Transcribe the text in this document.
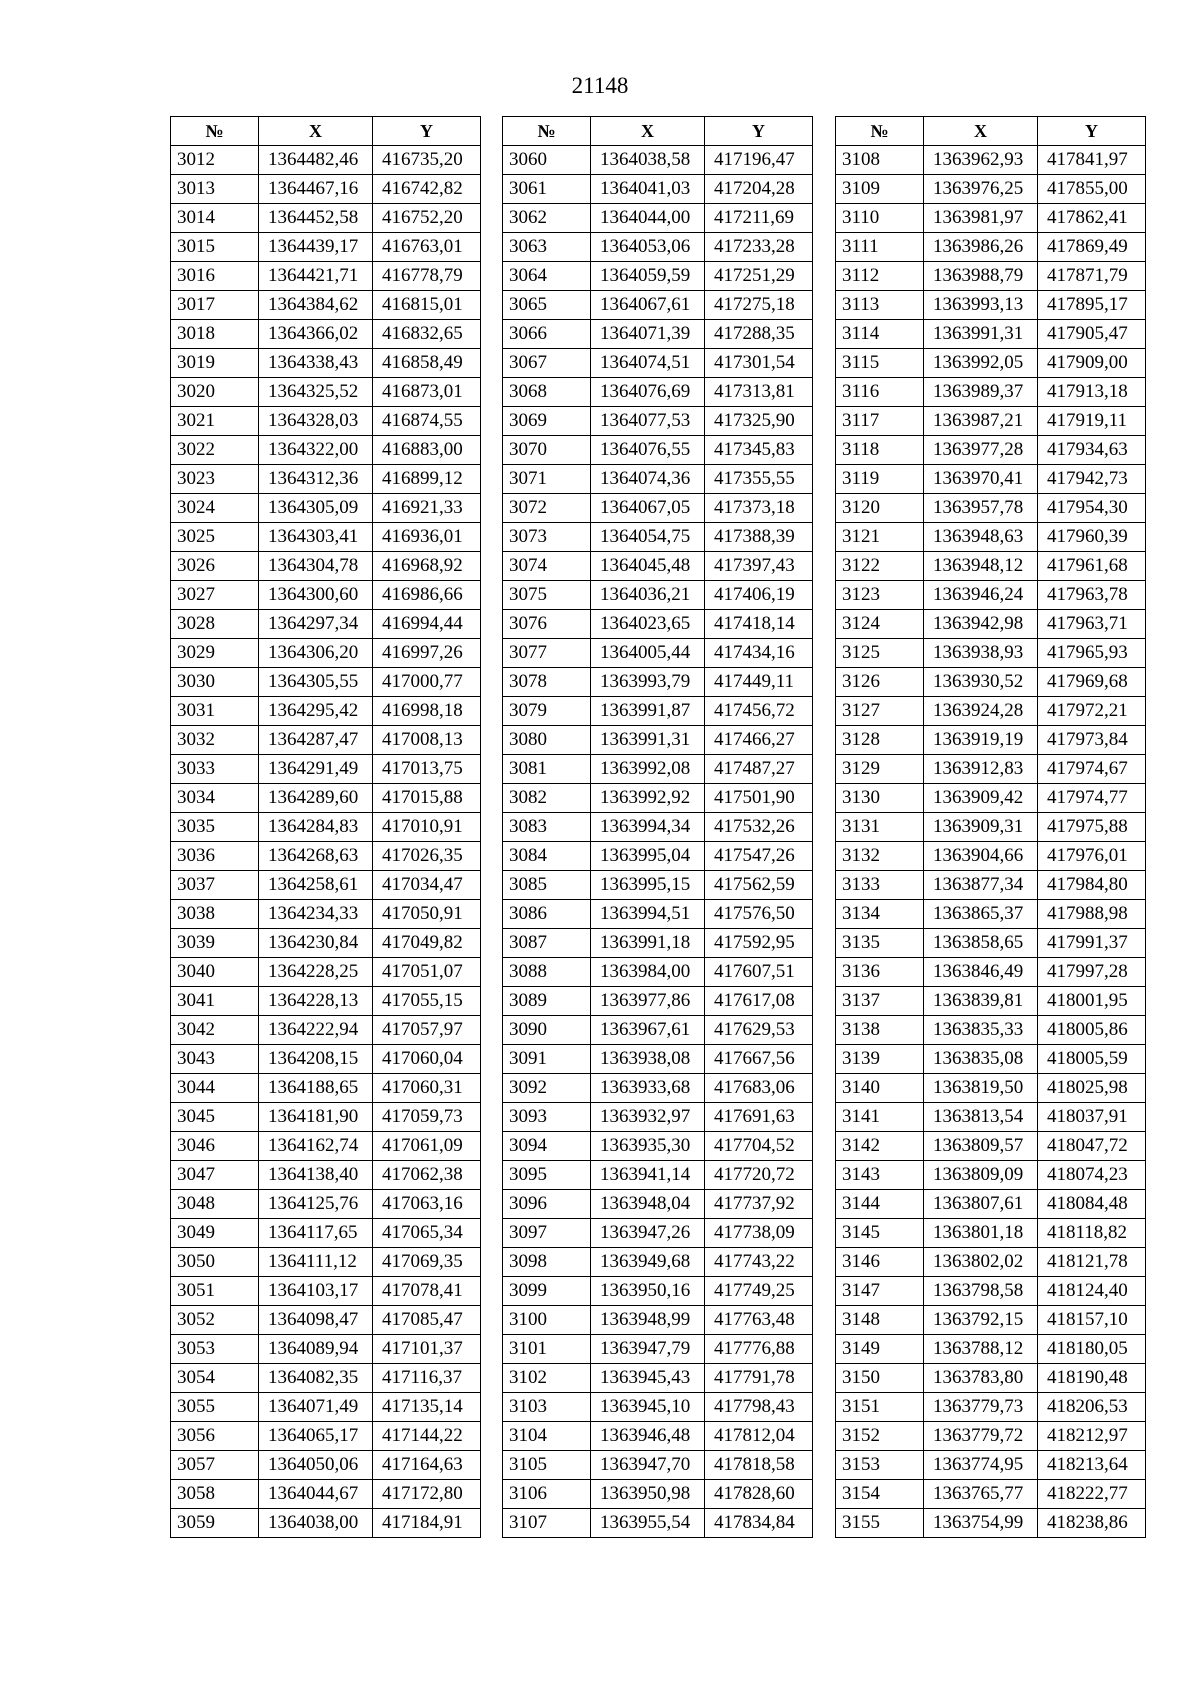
21148
№	X	Y
3012	1364482,46	416735,20
3013	1364467,16	416742,82
3014	1364452,58	416752,20
3015	1364439,17	416763,01
3016	1364421,71	416778,79
3017	1364384,62	416815,01
3018	1364366,02	416832,65
3019	1364338,43	416858,49
3020	1364325,52	416873,01
3021	1364328,03	416874,55
3022	1364322,00	416883,00
3023	1364312,36	416899,12
3024	1364305,09	416921,33
3025	1364303,41	416936,01
3026	1364304,78	416968,92
3027	1364300,60	416986,66
3028	1364297,34	416994,44
3029	1364306,20	416997,26
3030	1364305,55	417000,77
3031	1364295,42	416998,18
3032	1364287,47	417008,13
3033	1364291,49	417013,75
3034	1364289,60	417015,88
3035	1364284,83	417010,91
3036	1364268,63	417026,35
3037	1364258,61	417034,47
3038	1364234,33	417050,91
3039	1364230,84	417049,82
3040	1364228,25	417051,07
3041	1364228,13	417055,15
3042	1364222,94	417057,97
3043	1364208,15	417060,04
3044	1364188,65	417060,31
3045	1364181,90	417059,73
3046	1364162,74	417061,09
3047	1364138,40	417062,38
3048	1364125,76	417063,16
3049	1364117,65	417065,34
3050	1364111,12	417069,35
3051	1364103,17	417078,41
3052	1364098,47	417085,47
3053	1364089,94	417101,37
3054	1364082,35	417116,37
3055	1364071,49	417135,14
3056	1364065,17	417144,22
3057	1364050,06	417164,63
3058	1364044,67	417172,80
3059	1364038,00	417184,91
№	X	Y
3060	1364038,58	417196,47
3061	1364041,03	417204,28
3062	1364044,00	417211,69
3063	1364053,06	417233,28
3064	1364059,59	417251,29
3065	1364067,61	417275,18
3066	1364071,39	417288,35
3067	1364074,51	417301,54
3068	1364076,69	417313,81
3069	1364077,53	417325,90
3070	1364076,55	417345,83
3071	1364074,36	417355,55
3072	1364067,05	417373,18
3073	1364054,75	417388,39
3074	1364045,48	417397,43
3075	1364036,21	417406,19
3076	1364023,65	417418,14
3077	1364005,44	417434,16
3078	1363993,79	417449,11
3079	1363991,87	417456,72
3080	1363991,31	417466,27
3081	1363992,08	417487,27
3082	1363992,92	417501,90
3083	1363994,34	417532,26
3084	1363995,04	417547,26
3085	1363995,15	417562,59
3086	1363994,51	417576,50
3087	1363991,18	417592,95
3088	1363984,00	417607,51
3089	1363977,86	417617,08
3090	1363967,61	417629,53
3091	1363938,08	417667,56
3092	1363933,68	417683,06
3093	1363932,97	417691,63
3094	1363935,30	417704,52
3095	1363941,14	417720,72
3096	1363948,04	417737,92
3097	1363947,26	417738,09
3098	1363949,68	417743,22
3099	1363950,16	417749,25
3100	1363948,99	417763,48
3101	1363947,79	417776,88
3102	1363945,43	417791,78
3103	1363945,10	417798,43
3104	1363946,48	417812,04
3105	1363947,70	417818,58
3106	1363950,98	417828,60
3107	1363955,54	417834,84
№	X	Y
3108	1363962,93	417841,97
3109	1363976,25	417855,00
3110	1363981,97	417862,41
3111	1363986,26	417869,49
3112	1363988,79	417871,79
3113	1363993,13	417895,17
3114	1363991,31	417905,47
3115	1363992,05	417909,00
3116	1363989,37	417913,18
3117	1363987,21	417919,11
3118	1363977,28	417934,63
3119	1363970,41	417942,73
3120	1363957,78	417954,30
3121	1363948,63	417960,39
3122	1363948,12	417961,68
3123	1363946,24	417963,78
3124	1363942,98	417963,71
3125	1363938,93	417965,93
3126	1363930,52	417969,68
3127	1363924,28	417972,21
3128	1363919,19	417973,84
3129	1363912,83	417974,67
3130	1363909,42	417974,77
3131	1363909,31	417975,88
3132	1363904,66	417976,01
3133	1363877,34	417984,80
3134	1363865,37	417988,98
3135	1363858,65	417991,37
3136	1363846,49	417997,28
3137	1363839,81	418001,95
3138	1363835,33	418005,86
3139	1363835,08	418005,59
3140	1363819,50	418025,98
3141	1363813,54	418037,91
3142	1363809,57	418047,72
3143	1363809,09	418074,23
3144	1363807,61	418084,48
3145	1363801,18	418118,82
3146	1363802,02	418121,78
3147	1363798,58	418124,40
3148	1363792,15	418157,10
3149	1363788,12	418180,05
3150	1363783,80	418190,48
3151	1363779,73	418206,53
3152	1363779,72	418212,97
3153	1363774,95	418213,64
3154	1363765,77	418222,77
3155	1363754,99	418238,86
